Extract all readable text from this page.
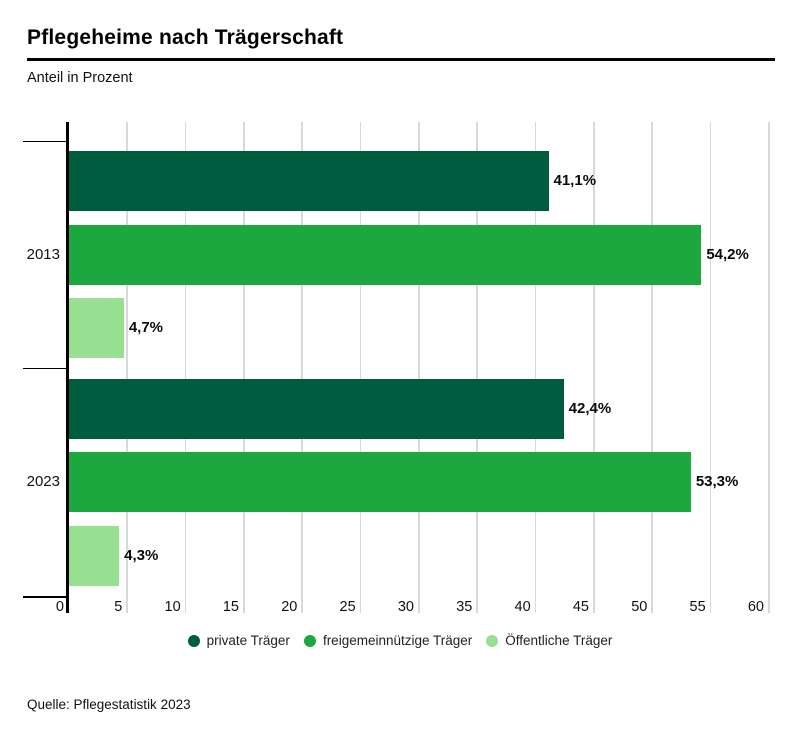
Pflegeheime nach Trägerschaft
Anteil in Prozent
0	5	10	15	20	25	30	35	40	45	50	55	60
2013
41,1%
54,2%
4,7%
2023
42,4%
53,3%
4,3%
private Träger freigemeinnützige Träger Öffentliche Träger
Quelle: Pflegestatistik 2023
